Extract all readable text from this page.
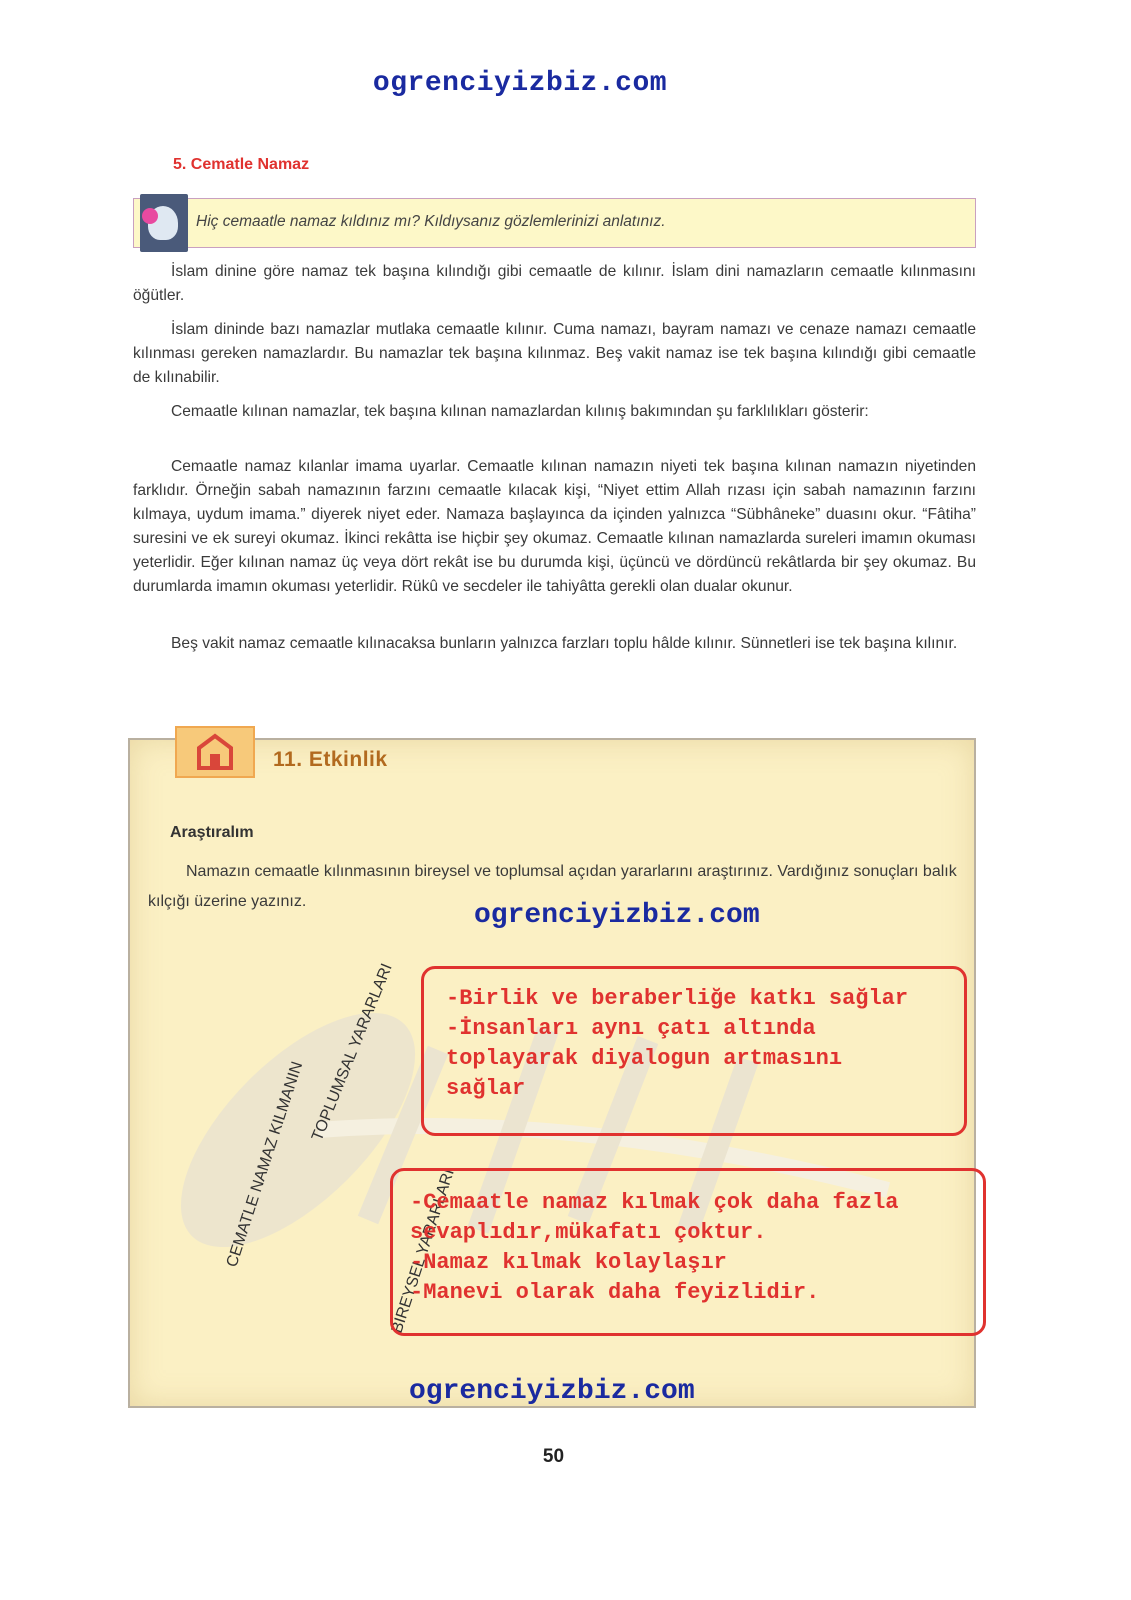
ogrenciyizbiz.com
5. Cematle Namaz
Hiç cemaatle namaz kıldınız mı? Kıldıysanız gözlemlerinizi anlatınız.

İslam dinine göre namaz tek başına kılındığı gibi cemaatle de kılınır. İslam dini namazların cemaatle kılınmasını öğütler.

İslam dininde bazı namazlar mutlaka cemaatle kılınır. Cuma namazı, bayram namazı ve cenaze namazı cemaatle kılınması gereken namazlardır. Bu namazlar tek başına kılınmaz. Beş vakit namaz ise tek başına kılındığı gibi cemaatle de kılınabilir.

Cemaatle kılınan namazlar, tek başına kılınan namazlardan kılınış bakımından şu farklılıkları gösterir:

Cemaatle namaz kılanlar imama uyarlar. Cemaatle kılınan namazın niyeti tek başına kılınan namazın niyetinden farklıdır. Örneğin sabah namazının farzını cemaatle kılacak kişi, “Niyet ettim Allah rızası için sabah namazının farzını kılmaya, uydum imama.” diyerek niyet eder. Namaza başlayınca da içinden yalnızca “Sübhâneke” duasını okur. “Fâtiha” suresini ve ek sureyi okumaz. İkinci rekâtta ise hiçbir şey okumaz. Cemaatle kılınan namazlarda sureleri imamın okuması yeterlidir. Eğer kılınan namaz üç veya dört rekât ise bu durumda kişi, üçüncü ve dördüncü rekâtlarda bir şey okumaz. Bu durumlarda imamın okuması yeterlidir. Rükû ve secdeler ile tahiyâtta gerekli olan dualar okunur.

Beş vakit namaz cemaatle kılınacaksa bunların yalnızca farzları toplu hâlde kılınır. Sünnetleri ise tek başına kılınır.

CEMATLE NAMAZ KILMANIN
TOPLUMSAL YARARLARI
BİREYSEL YARARLARI
11. Etkinlik
Araştıralım
Namazın cemaatle kılınmasının bireysel ve toplumsal açıdan yararlarını araştırınız. Vardığınız sonuçları balık kılçığı üzerine yazınız.	ogrenciyizbiz.com
-Birlik ve beraberliğe katkı sağlar
-İnsanları aynı çatı altında
toplayarak diyalogun artmasını
sağlar
-Cemaatle namaz kılmak çok daha fazla
sevaplıdır,mükafatı çoktur.
-Namaz kılmak kolaylaşır
-Manevi olarak daha feyizlidir.
ogrenciyizbiz.com
50
